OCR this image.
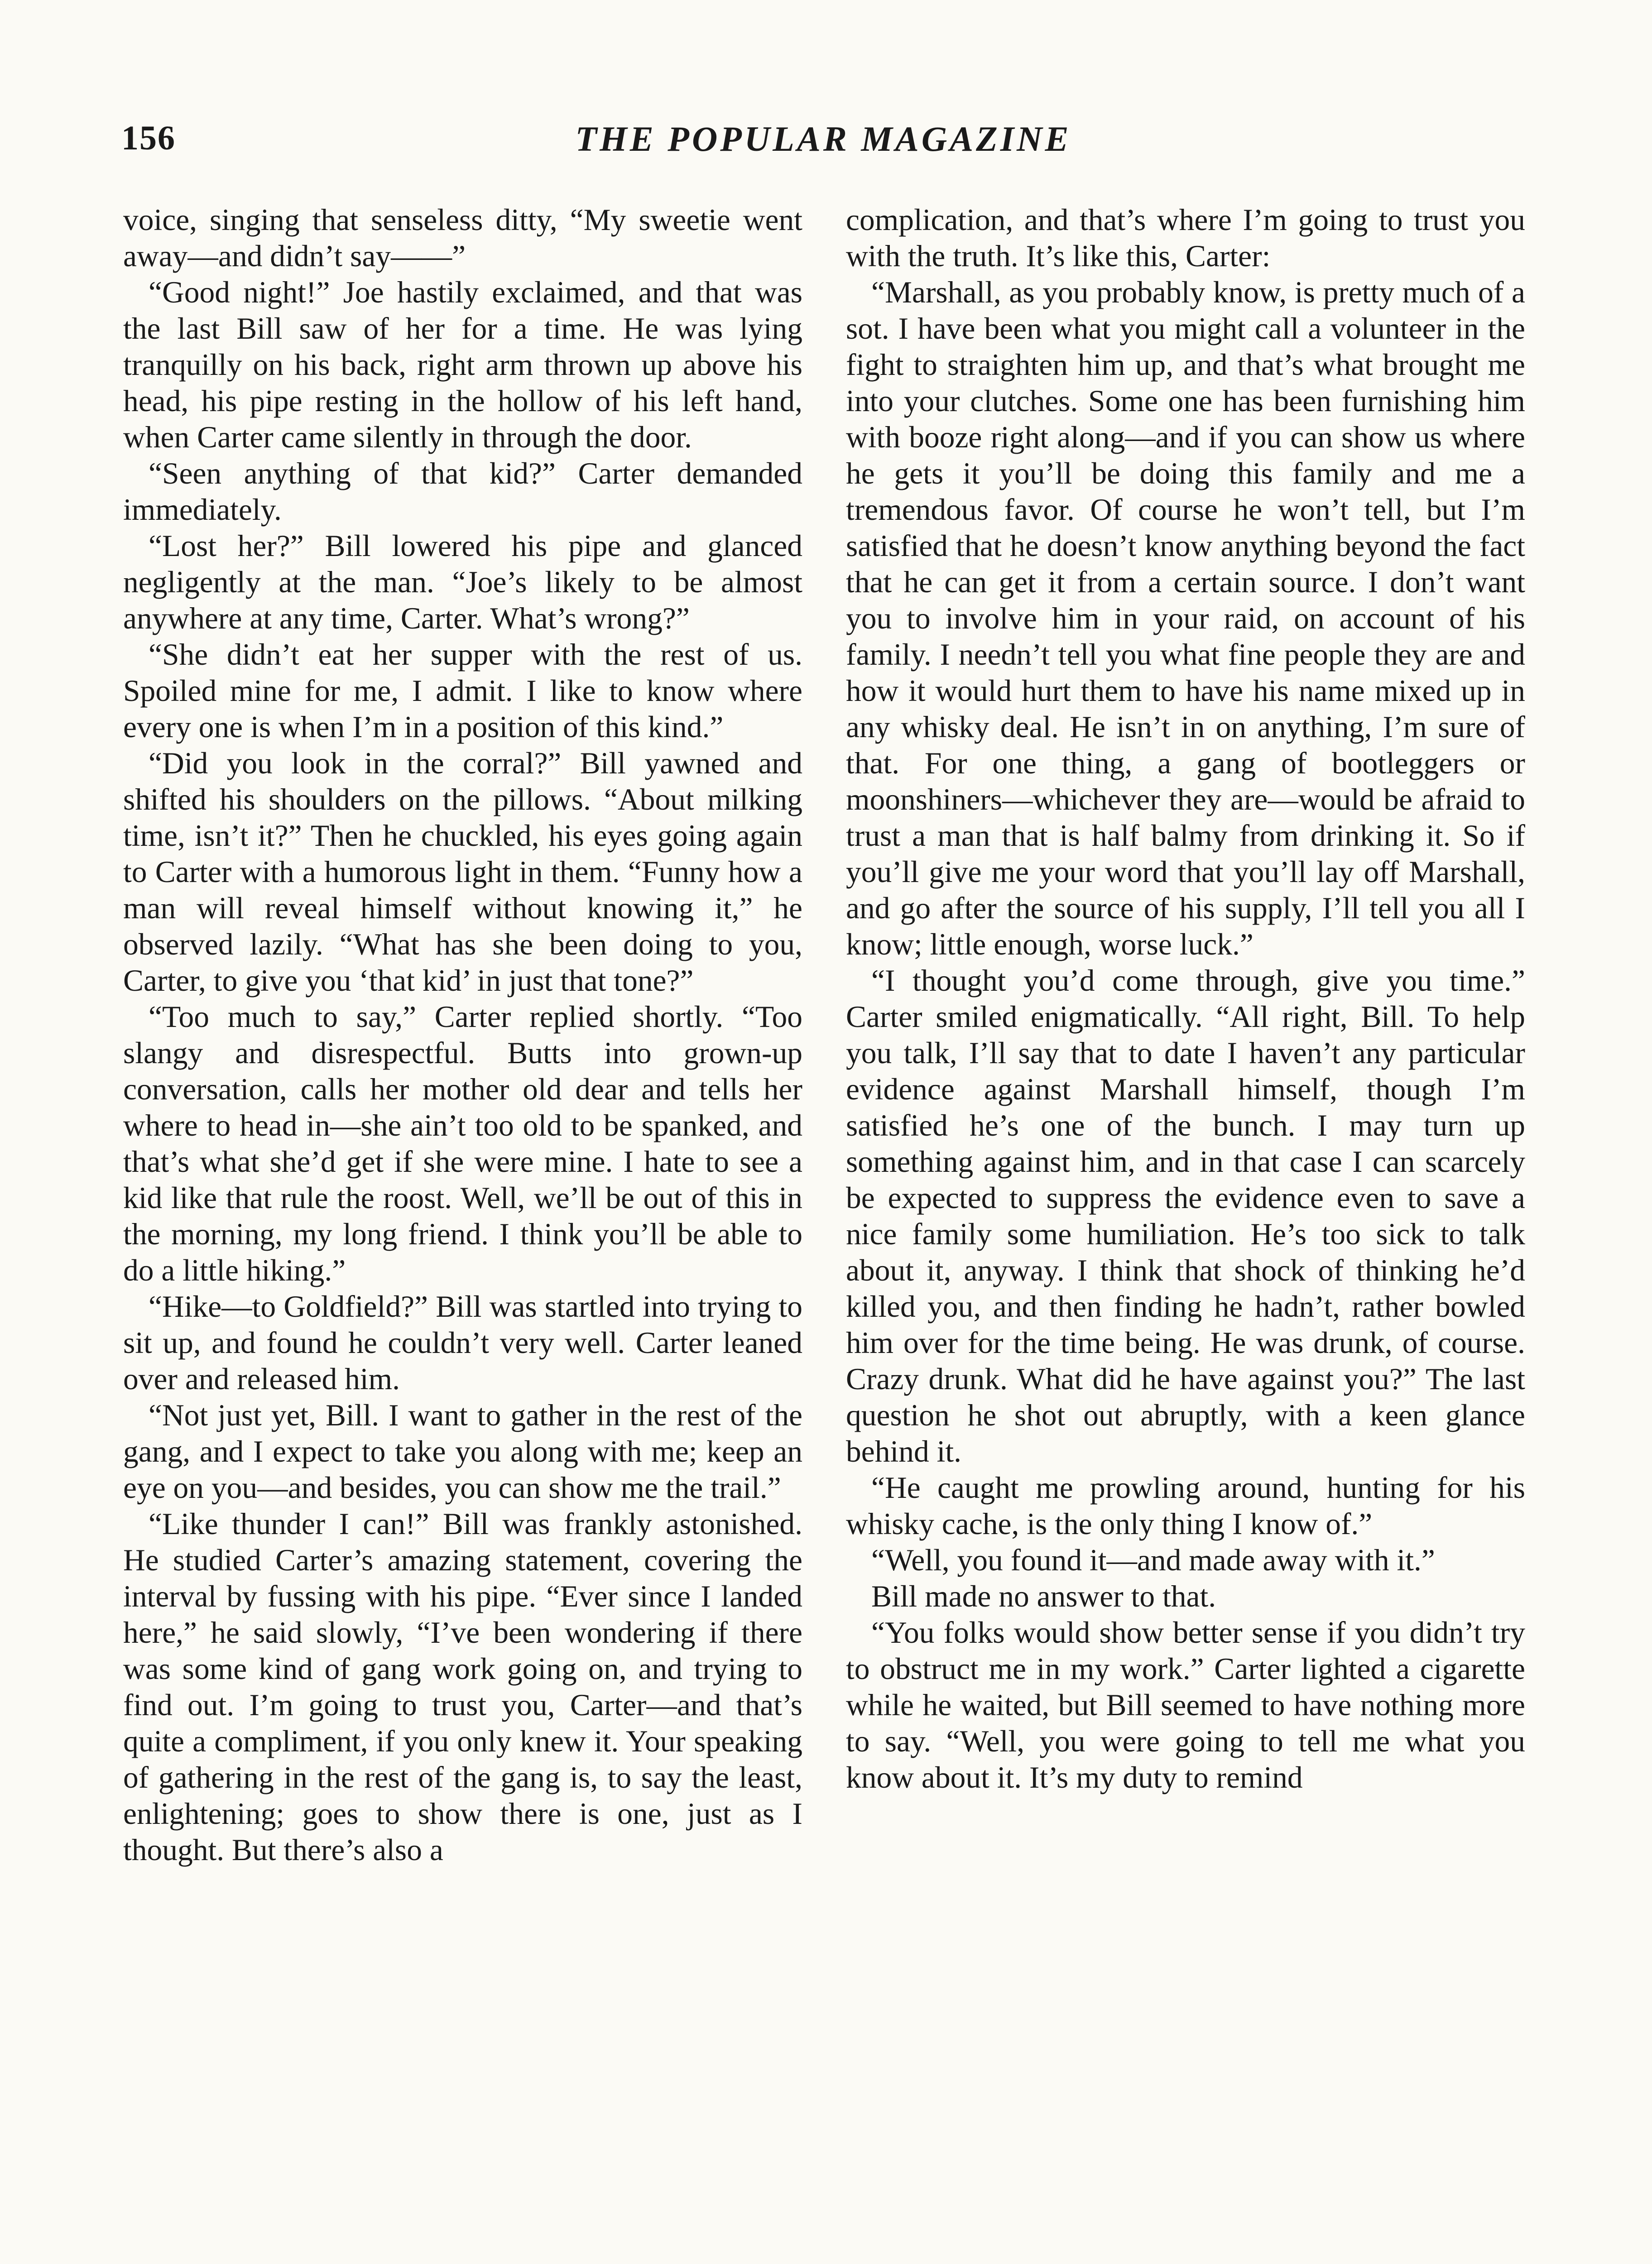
156	THE POPULAR MAGAZINE

voice, singing that senseless ditty, “My sweetie went away—and didn’t say——”

“Good night!” Joe hastily exclaimed, and that was the last Bill saw of her for a time. He was lying tranquilly on his back, right arm thrown up above his head, his pipe resting in the hollow of his left hand, when Carter came silently in through the door.

“Seen anything of that kid?” Carter demanded immediately.

“Lost her?” Bill lowered his pipe and glanced negligently at the man. “Joe’s likely to be almost anywhere at any time, Carter. What’s wrong?”

“She didn’t eat her supper with the rest of us. Spoiled mine for me, I admit. I like to know where every one is when I’m in a position of this kind.”

“Did you look in the corral?” Bill yawned and shifted his shoulders on the pillows. “About milking time, isn’t it?” Then he chuckled, his eyes going again to Carter with a humorous light in them. “Funny how a man will reveal himself without knowing it,” he observed lazily. “What has she been doing to you, Carter, to give you ‘that kid’ in just that tone?”

“Too much to say,” Carter replied shortly. “Too slangy and disrespectful. Butts into grown-up conversation, calls her mother old dear and tells her where to head in—she ain’t too old to be spanked, and that’s what she’d get if she were mine. I hate to see a kid like that rule the roost. Well, we’ll be out of this in the morning, my long friend. I think you’ll be able to do a little hiking.”

“Hike—to Goldfield?” Bill was startled into trying to sit up, and found he couldn’t very well. Carter leaned over and released him.

“Not just yet, Bill. I want to gather in the rest of the gang, and I expect to take you along with me; keep an eye on you—and besides, you can show me the trail.”

“Like thunder I can!” Bill was frankly astonished. He studied Carter’s amazing statement, covering the interval by fussing with his pipe. “Ever since I landed here,” he said slowly, “I’ve been wondering if there was some kind of gang work going on, and trying to find out. I’m going to trust you, Carter—and that’s quite a compliment, if you only knew it. Your speaking of gathering in the rest of the gang is, to say the least, enlightening; goes to show there is one, just as I thought. But there’s also a

complication, and that’s where I’m going to trust you with the truth. It’s like this, Carter:

“Marshall, as you probably know, is pretty much of a sot. I have been what you might call a volunteer in the fight to straighten him up, and that’s what brought me into your clutches. Some one has been furnishing him with booze right along—and if you can show us where he gets it you’ll be doing this family and me a tremendous favor. Of course he won’t tell, but I’m satisfied that he doesn’t know anything beyond the fact that he can get it from a certain source. I don’t want you to involve him in your raid, on account of his family. I needn’t tell you what fine people they are and how it would hurt them to have his name mixed up in any whisky deal. He isn’t in on anything, I’m sure of that. For one thing, a gang of bootleggers or moonshiners—whichever they are—would be afraid to trust a man that is half balmy from drinking it. So if you’ll give me your word that you’ll lay off Marshall, and go after the source of his supply, I’ll tell you all I know; little enough, worse luck.”

“I thought you’d come through, give you time.” Carter smiled enigmatically. “All right, Bill. To help you talk, I’ll say that to date I haven’t any particular evidence against Marshall himself, though I’m satisfied he’s one of the bunch. I may turn up something against him, and in that case I can scarcely be expected to suppress the evidence even to save a nice family some humiliation. He’s too sick to talk about it, anyway. I think that shock of thinking he’d killed you, and then finding he hadn’t, rather bowled him over for the time being. He was drunk, of course. Crazy drunk. What did he have against you?” The last question he shot out abruptly, with a keen glance behind it.

“He caught me prowling around, hunting for his whisky cache, is the only thing I know of.”

“Well, you found it—and made away with it.”

Bill made no answer to that.

“You folks would show better sense if you didn’t try to obstruct me in my work.” Carter lighted a cigarette while he waited, but Bill seemed to have nothing more to say. “Well, you were going to tell me what you know about it. It’s my duty to remind
